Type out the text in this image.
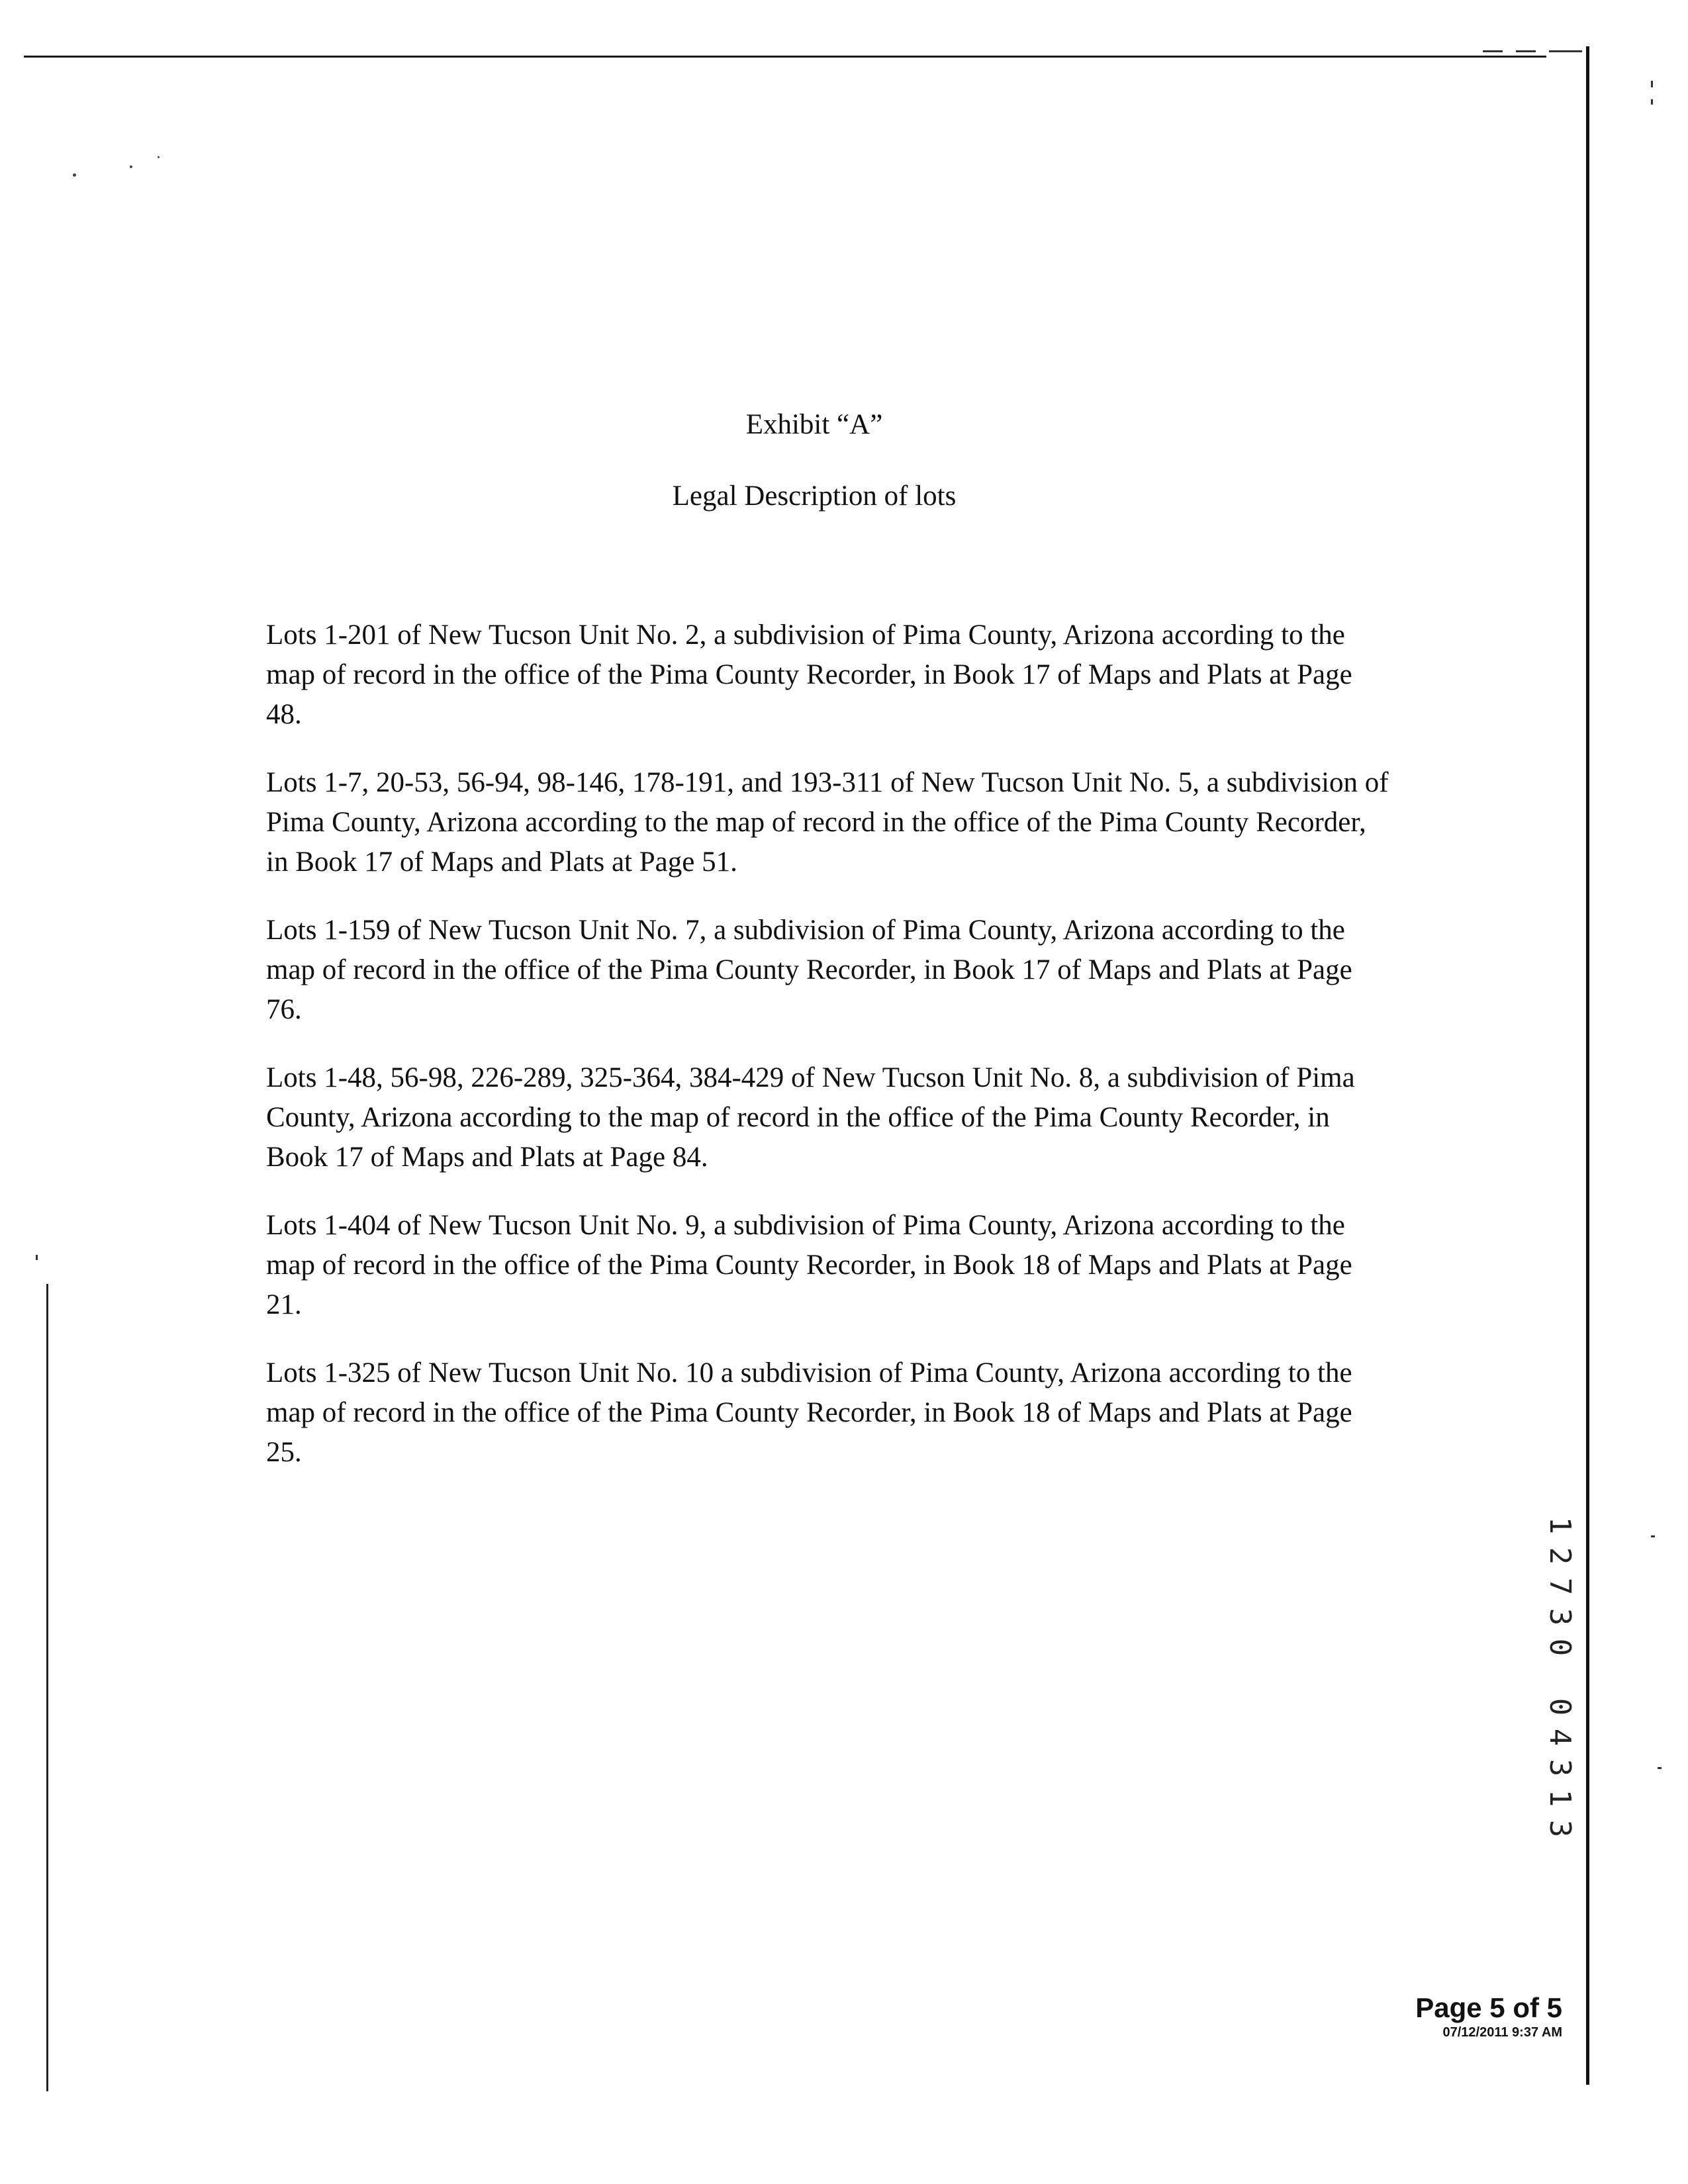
Exhibit “A”
Legal Description of lots

Lots 1-201 of New Tucson Unit No. 2, a subdivision of Pima County, Arizona according to the map of record in the office of the Pima County Recorder, in Book 17 of Maps and Plats at Page 48.

Lots 1-7, 20-53, 56-94, 98-146, 178-191, and 193-311 of New Tucson Unit No. 5, a subdivision of Pima County, Arizona according to the map of record in the office of the Pima County Recorder, in Book 17 of Maps and Plats at Page 51.

Lots 1-159 of New Tucson Unit No. 7, a subdivision of Pima County, Arizona according to the map of record in the office of the Pima County Recorder, in Book 17 of Maps and Plats at Page 76.

Lots 1-48, 56-98, 226-289, 325-364, 384-429 of New Tucson Unit No. 8, a subdivision of Pima County, Arizona according to the map of record in the office of the Pima County Recorder, in Book 17 of Maps and Plats at Page 84.

Lots 1-404 of New Tucson Unit No. 9, a subdivision of Pima County, Arizona according to the map of record in the office of the Pima County Recorder, in Book 18 of Maps and Plats at Page 21.

Lots 1-325 of New Tucson Unit No. 10 a subdivision of Pima County, Arizona according to the map of record in the office of the Pima County Recorder, in Book 18 of Maps and Plats at Page 25.

1
2
7
3
0
0
4
3
1
3
Page 5 of 5
07/12/2011 9:37 AM
